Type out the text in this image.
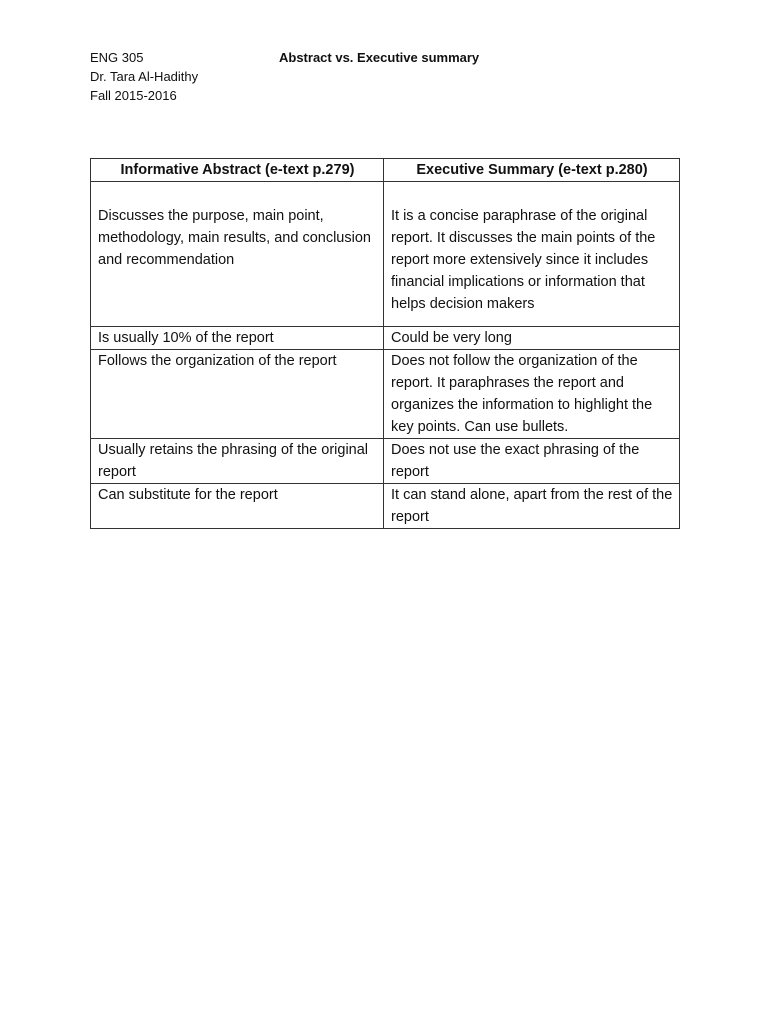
ENG 305
Dr. Tara Al-Hadithy
Fall 2015-2016
Abstract vs. Executive summary
Informative Abstract (e-text p.279)	Executive Summary (e-text p.280)
Discusses the purpose, main point, methodology, main results, and conclusion and recommendation	It is a concise paraphrase of the original report. It discusses the main points of the report more extensively since it includes financial implications or information that helps decision makers
Is usually 10% of the report	Could be very long
Follows the organization of the report	Does not follow the organization of the report. It paraphrases the report and organizes the information to highlight the key points. Can use bullets.
Usually retains the phrasing of the original report	Does not use the exact phrasing of the report
Can substitute for the report	It can stand alone, apart from the rest of the report
